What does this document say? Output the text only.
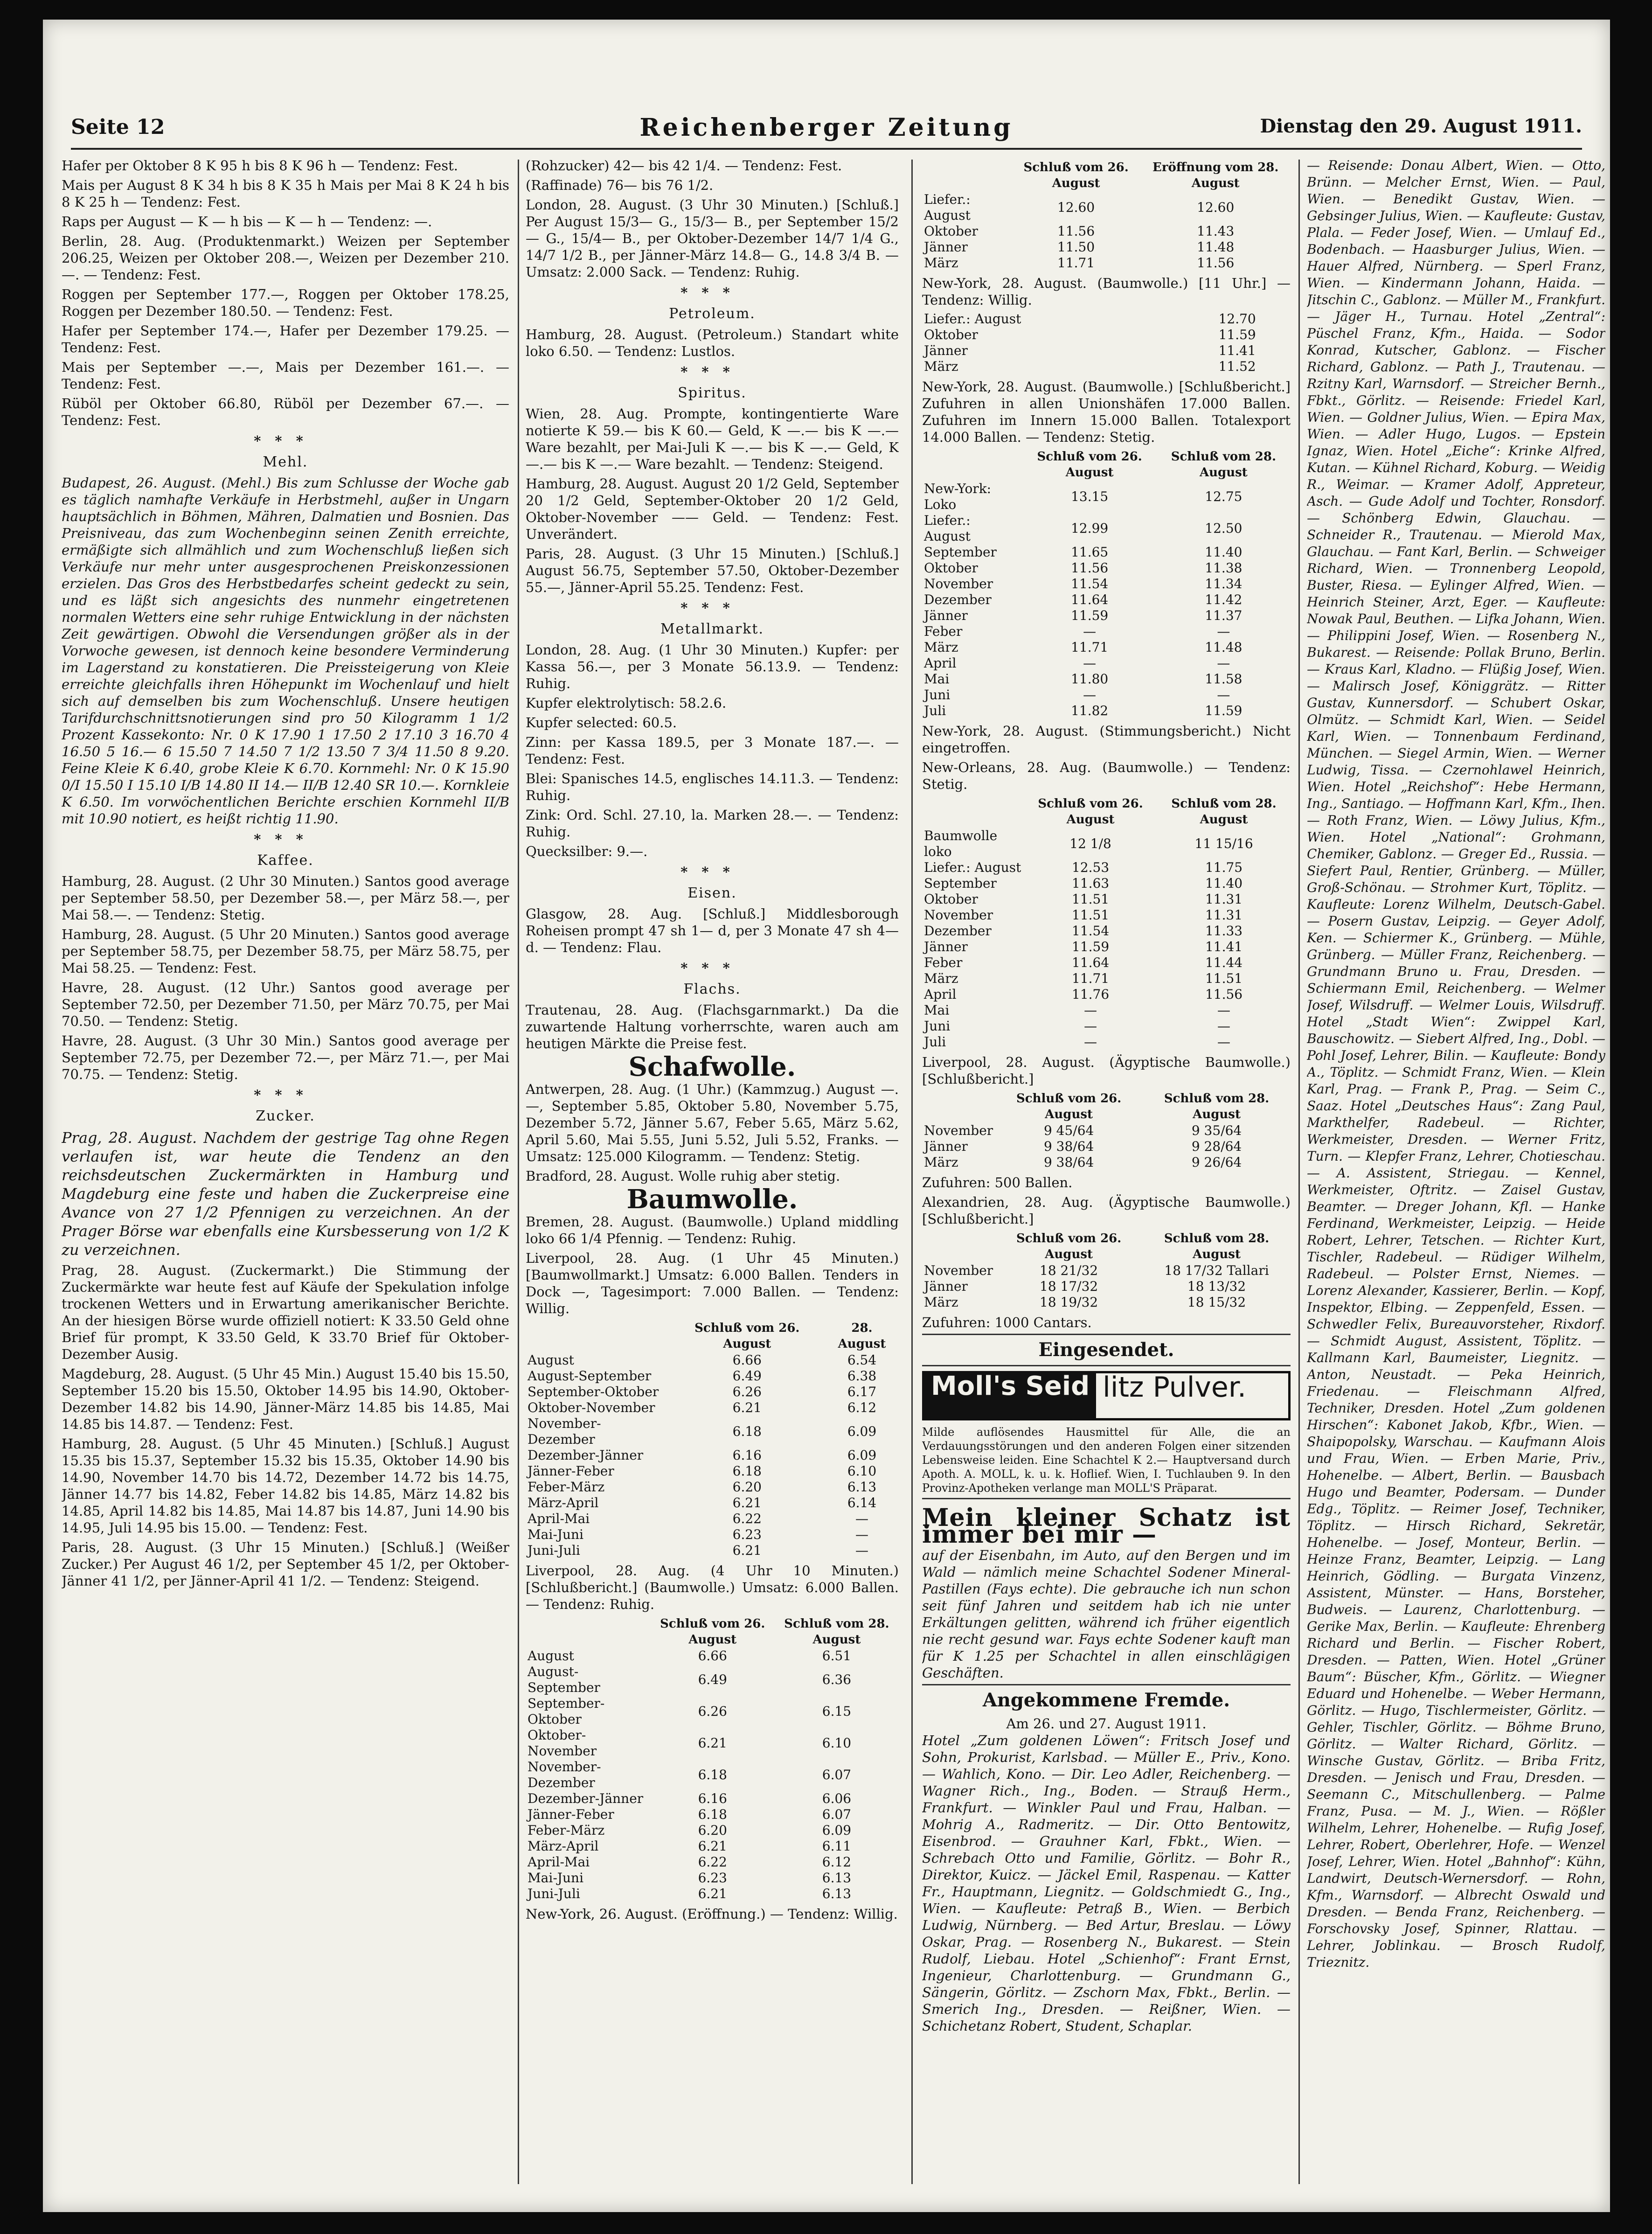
Seite 12	Reichenberger Zeitung	Dienstag den 29. August 1911.

Hafer per Oktober 8 K 95 h bis 8 K 96 h — Tendenz: Fest.

Mais per August 8 K 34 h bis 8 K 35 h Mais per Mai 8 K 24 h bis 8 K 25 h — Tendenz: Fest.

Raps per August — K — h bis — K — h — Tendenz: —.

Berlin, 28. Aug. (Produktenmarkt.) Weizen per September 206.25, Weizen per Oktober 208.—, Weizen per Dezember 210.—. — Tendenz: Fest.

Roggen per September 177.—, Roggen per Oktober 178.25, Roggen per Dezember 180.50. — Tendenz: Fest.

Hafer per September 174.—, Hafer per Dezember 179.25. — Tendenz: Fest.

Mais per September —.—, Mais per Dezember 161.—. — Tendenz: Fest.

Rüböl per Oktober 66.80, Rüböl per Dezember 67.—. — Tendenz: Fest.

***
Mehl.

Budapest, 26. August. (Mehl.) Bis zum Schlusse der Woche gab es täglich namhafte Verkäufe in Herbstmehl, außer in Ungarn hauptsächlich in Böhmen, Mähren, Dalmatien und Bosnien. Das Preisniveau, das zum Wochenbeginn seinen Zenith erreichte, ermäßigte sich allmählich und zum Wochenschluß ließen sich Verkäufe nur mehr unter ausgesprochenen Preiskonzessionen erzielen. Das Gros des Herbstbedarfes scheint gedeckt zu sein, und es läßt sich angesichts des nunmehr eingetretenen normalen Wetters eine sehr ruhige Entwicklung in der nächsten Zeit gewärtigen. Obwohl die Versendungen größer als in der Vorwoche gewesen, ist dennoch keine besondere Verminderung im Lagerstand zu konstatieren. Die Preissteigerung von Kleie erreichte gleichfalls ihren Höhepunkt im Wochenlauf und hielt sich auf demselben bis zum Wochenschluß. Unsere heutigen Tarifdurchschnittsnotierungen sind pro 50 Kilogramm 1 1/2 Prozent Kassekonto: Nr. 0 K 17.90 1 17.50 2 17.10 3 16.70 4 16.50 5 16.— 6 15.50 7 14.50 7 1/2 13.50 7 3/4 11.50 8 9.20. Feine Kleie K 6.40, grobe Kleie K 6.70. Kornmehl: Nr. 0 K 15.90 0/I 15.50 I 15.10 I/B 14.80 II 14.— II/B 12.40 SR 10.—. Kornkleie K 6.50. Im vorwöchentlichen Berichte erschien Kornmehl II/B mit 10.90 notiert, es heißt richtig 11.90.

***
Kaffee.

Hamburg, 28. August. (2 Uhr 30 Minuten.) Santos good average per September 58.50, per Dezember 58.—, per März 58.—, per Mai 58.—. — Tendenz: Stetig.

Hamburg, 28. August. (5 Uhr 20 Minuten.) Santos good average per September 58.75, per Dezember 58.75, per März 58.75, per Mai 58.25. — Tendenz: Fest.

Havre, 28. August. (12 Uhr.) Santos good average per September 72.50, per Dezember 71.50, per März 70.75, per Mai 70.50. — Tendenz: Stetig.

Havre, 28. August. (3 Uhr 30 Min.) Santos good average per September 72.75, per Dezember 72.—, per März 71.—, per Mai 70.75. — Tendenz: Stetig.

***
Zucker.

Prag, 28. August. Nachdem der gestrige Tag ohne Regen verlaufen ist, war heute die Tendenz an den reichsdeutschen Zuckermärkten in Hamburg und Magdeburg eine feste und haben die Zuckerpreise eine Avance von 27 1/2 Pfennigen zu verzeichnen. An der Prager Börse war ebenfalls eine Kursbesserung von 1/2 K zu verzeichnen.

Prag, 28. August. (Zuckermarkt.) Die Stimmung der Zuckermärkte war heute fest auf Käufe der Spekulation infolge trockenen Wetters und in Erwartung amerikanischer Berichte. An der hiesigen Börse wurde offiziell notiert: K 33.50 Geld ohne Brief für prompt, K 33.50 Geld, K 33.70 Brief für Oktober-Dezember Ausig.

Magdeburg, 28. August. (5 Uhr 45 Min.) August 15.40 bis 15.50, September 15.20 bis 15.50, Oktober 14.95 bis 14.90, Oktober-Dezember 14.82 bis 14.90, Jänner-März 14.85 bis 14.85, Mai 14.85 bis 14.87. — Tendenz: Fest.

Hamburg, 28. August. (5 Uhr 45 Minuten.) [Schluß.] August 15.35 bis 15.37, September 15.32 bis 15.35, Oktober 14.90 bis 14.90, November 14.70 bis 14.72, Dezember 14.72 bis 14.75, Jänner 14.77 bis 14.82, Feber 14.82 bis 14.85, März 14.82 bis 14.85, April 14.82 bis 14.85, Mai 14.87 bis 14.87, Juni 14.90 bis 14.95, Juli 14.95 bis 15.00. — Tendenz: Fest.

Paris, 28. August. (3 Uhr 15 Minuten.) [Schluß.] (Weißer Zucker.) Per August 46 1/2, per September 45 1/2, per Oktober-Jänner 41 1/2, per Jänner-April 41 1/2. — Tendenz: Steigend.

(Rohzucker) 42— bis 42 1/4. — Tendenz: Fest.

(Raffinade) 76— bis 76 1/2.

London, 28. August. (3 Uhr 30 Minuten.) [Schluß.] Per August 15/3— G., 15/3— B., per September 15/2— G., 15/4— B., per Oktober-Dezember 14/7 1/4 G., 14/7 1/2 B., per Jänner-März 14.8— G., 14.8 3/4 B. — Umsatz: 2.000 Sack. — Tendenz: Ruhig.

***
Petroleum.

Hamburg, 28. August. (Petroleum.) Standart white loko 6.50. — Tendenz: Lustlos.

***
Spiritus.

Wien, 28. Aug. Prompte, kontingentierte Ware notierte K 59.— bis K 60.— Geld, K —.— bis K —.— Ware bezahlt, per Mai-Juli K —.— bis K —.— Geld, K —.— bis K —.— Ware bezahlt. — Tendenz: Steigend.

Hamburg, 28. August. August 20 1/2 Geld, September 20 1/2 Geld, September-Oktober 20 1/2 Geld, Oktober-November —— Geld. — Tendenz: Fest. Unverändert.

Paris, 28. August. (3 Uhr 15 Minuten.) [Schluß.] August 56.75, September 57.50, Oktober-Dezember 55.—, Jänner-April 55.25. Tendenz: Fest.

***
Metallmarkt.

London, 28. Aug. (1 Uhr 30 Minuten.) Kupfer: per Kassa 56.—, per 3 Monate 56.13.9. — Tendenz: Ruhig.

Kupfer elektrolytisch: 58.2.6.

Kupfer selected: 60.5.

Zinn: per Kassa 189.5, per 3 Monate 187.—. — Tendenz: Fest.

Blei: Spanisches 14.5, englisches 14.11.3. — Tendenz: Ruhig.

Zink: Ord. Schl. 27.10, la. Marken 28.—. — Tendenz: Ruhig.

Quecksilber: 9.—.

***
Eisen.

Glasgow, 28. Aug. [Schluß.] Middlesborough Roheisen prompt 47 sh 1— d, per 3 Monate 47 sh 4— d. — Tendenz: Flau.

***
Flachs.

Trautenau, 28. Aug. (Flachsgarnmarkt.) Da die zuwartende Haltung vorherrschte, waren auch am heutigen Märkte die Preise fest.

Schafwolle.

Antwerpen, 28. Aug. (1 Uhr.) (Kammzug.) August —.—, September 5.85, Oktober 5.80, November 5.75, Dezember 5.72, Jänner 5.67, Feber 5.65, März 5.62, April 5.60, Mai 5.55, Juni 5.52, Juli 5.52, Franks. — Umsatz: 125.000 Kilogramm. — Tendenz: Stetig.

Bradford, 28. August. Wolle ruhig aber stetig.

Baumwolle.

Bremen, 28. August. (Baumwolle.) Upland middling loko 66 1/4 Pfennig. — Tendenz: Ruhig.

Liverpool, 28. Aug. (1 Uhr 45 Minuten.) [Baumwollmarkt.] Umsatz: 6.000 Ballen. Tenders in Dock —, Tagesimport: 7.000 Ballen. — Tendenz: Willig.

	Schluß vom 26. August	28. August
August	6.66	6.54
August-September	6.49	6.38
September-Oktober	6.26	6.17
Oktober-November	6.21	6.12
November-Dezember	6.18	6.09
Dezember-Jänner	6.16	6.09
Jänner-Feber	6.18	6.10
Feber-März	6.20	6.13
März-April	6.21	6.14
April-Mai	6.22	—
Mai-Juni	6.23	—
Juni-Juli	6.21	—

Liverpool, 28. Aug. (4 Uhr 10 Minuten.) [Schlußbericht.] (Baumwolle.) Umsatz: 6.000 Ballen. — Tendenz: Ruhig.

	Schluß vom 26. August	Schluß vom 28. August
August	6.66	6.51
August-September	6.49	6.36
September-Oktober	6.26	6.15
Oktober-November	6.21	6.10
November-Dezember	6.18	6.07
Dezember-Jänner	6.16	6.06
Jänner-Feber	6.18	6.07
Feber-März	6.20	6.09
März-April	6.21	6.11
April-Mai	6.22	6.12
Mai-Juni	6.23	6.13
Juni-Juli	6.21	6.13

New-York, 26. August. (Eröffnung.) — Tendenz: Willig.

	Schluß vom 26. August	Eröffnung vom 28. August
Liefer.: August	12.60	12.60
Oktober	11.56	11.43
Jänner	11.50	11.48
März	11.71	11.56

New-York, 28. August. (Baumwolle.) [11 Uhr.] — Tendenz: Willig.

Liefer.: August	12.70
Oktober	11.59
Jänner	11.41
März	11.52

New-York, 28. August. (Baumwolle.) [Schlußbericht.] Zufuhren in allen Unionshäfen 17.000 Ballen. Zufuhren im Innern 15.000 Ballen. Totalexport 14.000 Ballen. — Tendenz: Stetig.

	Schluß vom 26. August	Schluß vom 28. August
New-York: Loko	13.15	12.75
Liefer.: August	12.99	12.50
September	11.65	11.40
Oktober	11.56	11.38
November	11.54	11.34
Dezember	11.64	11.42
Jänner	11.59	11.37
Feber	—	—
März	11.71	11.48
April	—	—
Mai	11.80	11.58
Juni	—	—
Juli	11.82	11.59

New-York, 28. August. (Stimmungsbericht.) Nicht eingetroffen.

New-Orleans, 28. Aug. (Baumwolle.) — Tendenz: Stetig.

	Schluß vom 26. August	Schluß vom 28. August
Baumwolle loko	12 1/8	11 15/16
Liefer.: August	12.53	11.75
September	11.63	11.40
Oktober	11.51	11.31
November	11.51	11.31
Dezember	11.54	11.33
Jänner	11.59	11.41
Feber	11.64	11.44
März	11.71	11.51
April	11.76	11.56
Mai	—	—
Juni	—	—
Juli	—	—

Liverpool, 28. August. (Ägyptische Baumwolle.) [Schlußbericht.]

	Schluß vom 26. August	Schluß vom 28. August
November	9 45/64	9 35/64
Jänner	9 38/64	9 28/64
März	9 38/64	9 26/64

Zufuhren: 500 Ballen.

Alexandrien, 28. Aug. (Ägyptische Baumwolle.) [Schlußbericht.]

	Schluß vom 26. August	Schluß vom 28. August
November	18 21/32	18 17/32 Tallari
Jänner	18 17/32	18 13/32
März	18 19/32	18 15/32

Zufuhren: 1000 Cantars.

Eingesendet.
Moll's Seid litz Pulver.

Milde auflösendes Hausmittel für Alle, die an Verdauungsstörungen und den anderen Folgen einer sitzenden Lebensweise leiden. Eine Schachtel K 2.— Hauptversand durch Apoth. A. MOLL, k. u. k. Hoflief. Wien, I. Tuchlauben 9. In den Provinz-Apotheken verlange man MOLL'S Präparat.

Mein kleiner Schatz ist immer bei mir —

auf der Eisenbahn, im Auto, auf den Bergen und im Wald — nämlich meine Schachtel Sodener Mineral-Pastillen (Fays echte). Die gebrauche ich nun schon seit fünf Jahren und seitdem hab ich nie unter Erkältungen gelitten, während ich früher eigentlich nie recht gesund war. Fays echte Sodener kauft man für K 1.25 per Schachtel in allen einschlägigen Geschäften.

Angekommene Fremde.
Am 26. und 27. August 1911.

Hotel „Zum goldenen Löwen“: Fritsch Josef und Sohn, Prokurist, Karlsbad. — Müller E., Priv., Kono. — Wahlich, Kono. — Dir. Leo Adler, Reichenberg. — Wagner Rich., Ing., Boden. — Strauß Herm., Frankfurt. — Winkler Paul und Frau, Halban. — Mohrig A., Radmeritz. — Dir. Otto Bentowitz, Eisenbrod. — Grauhner Karl, Fbkt., Wien. — Schrebach Otto und Familie, Görlitz. — Bohr R., Direktor, Kuicz. — Jäckel Emil, Raspenau. — Katter Fr., Hauptmann, Liegnitz. — Goldschmiedt G., Ing., Wien. — Kaufleute: Petraß B., Wien. — Berbich Ludwig, Nürnberg. — Bed Artur, Breslau. — Löwy Oskar, Prag. — Rosenberg N., Bukarest. — Stein Rudolf, Liebau. Hotel „Schienhof“: Frant Ernst, Ingenieur, Charlottenburg. — Grundmann G., Sängerin, Görlitz. — Zschorn Max, Fbkt., Berlin. — Smerich Ing., Dresden. — Reißner, Wien. — Schichetanz Robert, Student, Schaplar.

— Reisende: Donau Albert, Wien. — Otto, Brünn. — Melcher Ernst, Wien. — Paul, Wien. — Benedikt Gustav, Wien. — Gebsinger Julius, Wien. — Kaufleute: Gustav, Plala. — Feder Josef, Wien. — Umlauf Ed., Bodenbach. — Haasburger Julius, Wien. — Hauer Alfred, Nürnberg. — Sperl Franz, Wien. — Kindermann Johann, Haida. — Jitschin C., Gablonz. — Müller M., Frankfurt. — Jäger H., Turnau. Hotel „Zentral“: Püschel Franz, Kfm., Haida. — Sodor Konrad, Kutscher, Gablonz. — Fischer Richard, Gablonz. — Path J., Trautenau. — Rzitny Karl, Warnsdorf. — Streicher Bernh., Fbkt., Görlitz. — Reisende: Friedel Karl, Wien. — Goldner Julius, Wien. — Epira Max, Wien. — Adler Hugo, Lugos. — Epstein Ignaz, Wien. Hotel „Eiche“: Krinke Alfred, Kutan. — Kühnel Richard, Koburg. — Weidig R., Weimar. — Kramer Adolf, Appreteur, Asch. — Gude Adolf und Tochter, Ronsdorf. — Schönberg Edwin, Glauchau. — Schneider R., Trautenau. — Mierold Max, Glauchau. — Fant Karl, Berlin. — Schweiger Richard, Wien. — Tronnenberg Leopold, Buster, Riesa. — Eylinger Alfred, Wien. — Heinrich Steiner, Arzt, Eger. — Kaufleute: Nowak Paul, Beuthen. — Lifka Johann, Wien. — Philippini Josef, Wien. — Rosenberg N., Bukarest. — Reisende: Pollak Bruno, Berlin. — Kraus Karl, Kladno. — Flüßig Josef, Wien. — Malirsch Josef, Königgrätz. — Ritter Gustav, Kunnersdorf. — Schubert Oskar, Olmütz. — Schmidt Karl, Wien. — Seidel Karl, Wien. — Tonnenbaum Ferdinand, München. — Siegel Armin, Wien. — Werner Ludwig, Tissa. — Czernohlawel Heinrich, Wien. Hotel „Reichshof“: Hebe Hermann, Ing., Santiago. — Hoffmann Karl, Kfm., Ihen. — Roth Franz, Wien. — Löwy Julius, Kfm., Wien. Hotel „National“: Grohmann, Chemiker, Gablonz. — Greger Ed., Russia. — Siefert Paul, Rentier, Grünberg. — Müller, Groß-Schönau. — Strohmer Kurt, Töplitz. — Kaufleute: Lorenz Wilhelm, Deutsch-Gabel. — Posern Gustav, Leipzig. — Geyer Adolf, Ken. — Schiermer K., Grünberg. — Mühle, Grünberg. — Müller Franz, Reichenberg. — Grundmann Bruno u. Frau, Dresden. — Schiermann Emil, Reichenberg. — Welmer Josef, Wilsdruff. — Welmer Louis, Wilsdruff. Hotel „Stadt Wien“: Zwippel Karl, Bauschowitz. — Siebert Alfred, Ing., Dobl. — Pohl Josef, Lehrer, Bilin. — Kaufleute: Bondy A., Töplitz. — Schmidt Franz, Wien. — Klein Karl, Prag. — Frank P., Prag. — Seim C., Saaz. Hotel „Deutsches Haus“: Zang Paul, Markthelfer, Radebeul. — Richter, Werkmeister, Dresden. — Werner Fritz, Turn. — Klepfer Franz, Lehrer, Chotieschau. — A. Assistent, Striegau. — Kennel, Werkmeister, Oftritz. — Zaisel Gustav, Beamter. — Dreger Johann, Kfl. — Hanke Ferdinand, Werkmeister, Leipzig. — Heide Robert, Lehrer, Tetschen. — Richter Kurt, Tischler, Radebeul. — Rüdiger Wilhelm, Radebeul. — Polster Ernst, Niemes. — Lorenz Alexander, Kassierer, Berlin. — Kopf, Inspektor, Elbing. — Zeppenfeld, Essen. — Schwedler Felix, Bureauvorsteher, Rixdorf. — Schmidt August, Assistent, Töplitz. — Kallmann Karl, Baumeister, Liegnitz. — Anton, Neustadt. — Peka Heinrich, Friedenau. — Fleischmann Alfred, Techniker, Dresden. Hotel „Zum goldenen Hirschen“: Kabonet Jakob, Kfbr., Wien. — Shaipopolsky, Warschau. — Kaufmann Alois und Frau, Wien. — Erben Marie, Priv., Hohenelbe. — Albert, Berlin. — Bausbach Hugo und Beamter, Podersam. — Dunder Edg., Töplitz. — Reimer Josef, Techniker, Töplitz. — Hirsch Richard, Sekretär, Hohenelbe. — Josef, Monteur, Berlin. — Heinze Franz, Beamter, Leipzig. — Lang Heinrich, Gödling. — Burgata Vinzenz, Assistent, Münster. — Hans, Borsteher, Budweis. — Laurenz, Charlottenburg. — Gerike Max, Berlin. — Kaufleute: Ehrenberg Richard und Berlin. — Fischer Robert, Dresden. — Patten, Wien. Hotel „Grüner Baum“: Büscher, Kfm., Görlitz. — Wiegner Eduard und Hohenelbe. — Weber Hermann, Görlitz. — Hugo, Tischlermeister, Görlitz. — Gehler, Tischler, Görlitz. — Böhme Bruno, Görlitz. — Walter Richard, Görlitz. — Winsche Gustav, Görlitz. — Briba Fritz, Dresden. — Jenisch und Frau, Dresden. — Seemann C., Mitschullenberg. — Palme Franz, Pusa. — M. J., Wien. — Rößler Wilhelm, Lehrer, Hohenelbe. — Rufig Josef, Lehrer, Robert, Oberlehrer, Hofe. — Wenzel Josef, Lehrer, Wien. Hotel „Bahnhof“: Kühn, Landwirt, Deutsch-Wernersdorf. — Rohn, Kfm., Warnsdorf. — Albrecht Oswald und Dresden. — Benda Franz, Reichenberg. — Forschovsky Josef, Spinner, Rlattau. — Lehrer, Joblinkau. — Brosch Rudolf, Trieznitz.
